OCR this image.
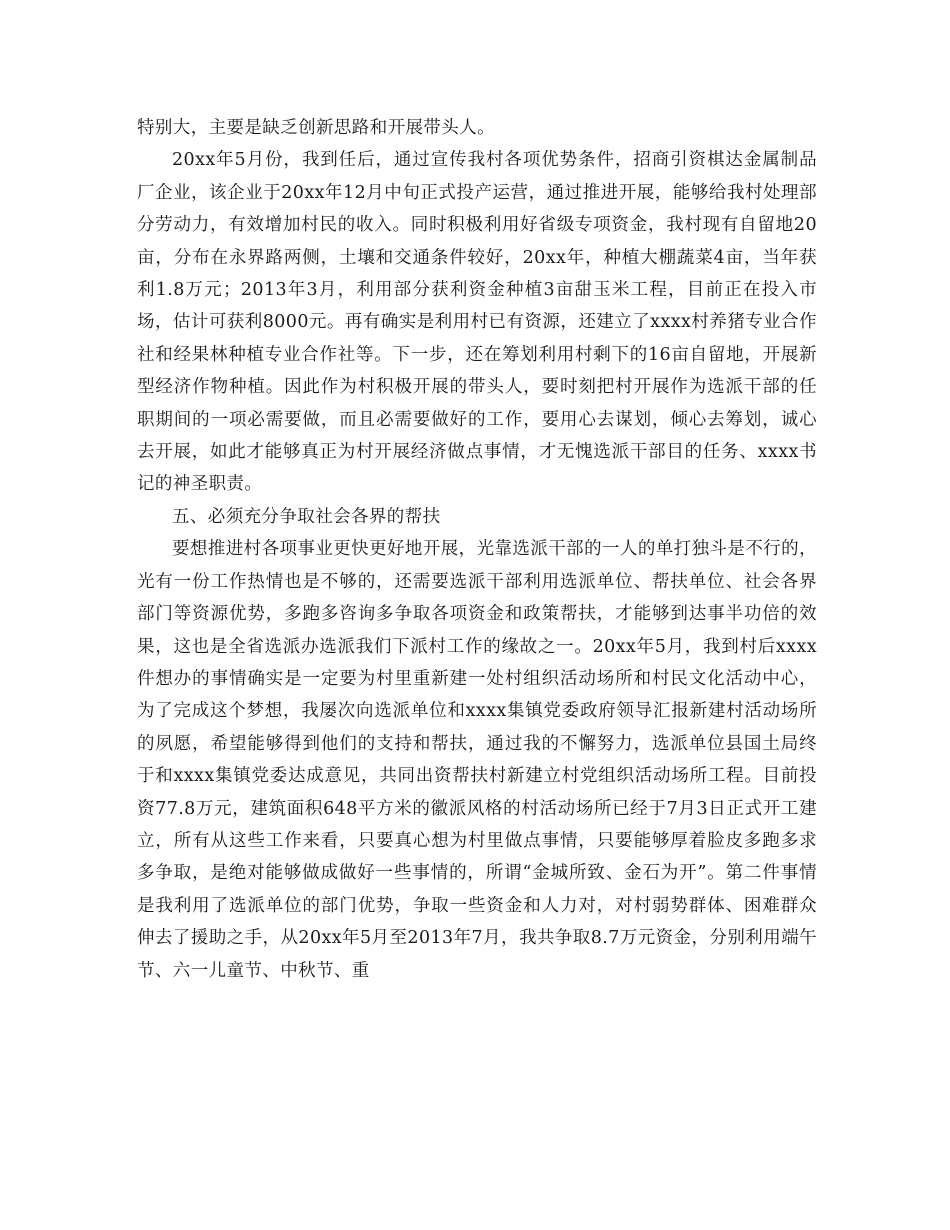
特别大，主要是缺乏创新思路和开展带头人。

20xx年5月份，我到任后，通过宣传我村各项优势条件，招商引资棋达金属制品厂企业，该企业于20xx年12月中旬正式投产运营，通过推进开展，能够给我村处理部分劳动力，有效增加村民的收入。同时积极利用好省级专项资金，我村现有自留地20亩，分布在永界路两侧，土壤和交通条件较好，20xx年，种植大棚蔬菜4亩，当年获利1.8万元；2013年3月，利用部分获利资金种植3亩甜玉米工程，目前正在投入市场，估计可获利8000元。再有确实是利用村已有资源，还建立了xxxx村养猪专业合作社和经果林种植专业合作社等。下一步，还在筹划利用村剩下的16亩自留地，开展新型经济作物种植。因此作为村积极开展的带头人，要时刻把村开展作为选派干部的任职期间的一项必需要做，而且必需要做好的工作，要用心去谋划，倾心去筹划，诚心去开展，如此才能够真正为村开展经济做点事情，才无愧选派干部目的任务、xxxx书记的神圣职责。

五、必须充分争取社会各界的帮扶

要想推进村各项事业更快更好地开展，光靠选派干部的一人的单打独斗是不行的，光有一份工作热情也是不够的，还需要选派干部利用选派单位、帮扶单位、社会各界部门等资源优势，多跑多咨询多争取各项资金和政策帮扶，才能够到达事半功倍的效果，这也是全省选派办选派我们下派村工作的缘故之一。20xx年5月，我到村后xxxx件想办的事情确实是一定要为村里重新建一处村组织活动场所和村民文化活动中心，为了完成这个梦想，我屡次向选派单位和xxxx集镇党委政府领导汇报新建村活动场所的夙愿，希望能够得到他们的支持和帮扶，通过我的不懈努力，选派单位县国土局终于和xxxx集镇党委达成意见，共同出资帮扶村新建立村党组织活动场所工程。目前投资77.8万元，建筑面积648平方米的徽派风格的村活动场所已经于7月3日正式开工建立，所有从这些工作来看，只要真心想为村里做点事情，只要能够厚着脸皮多跑多求多争取，是绝对能够做成做好一些事情的，所谓“金城所致、金石为开”。第二件事情是我利用了选派单位的部门优势，争取一些资金和人力对，对村弱势群体、困难群众伸去了援助之手，从20xx年5月至2013年7月，我共争取8.7万元资金，分别利用端午节、六一儿童节、中秋节、重
